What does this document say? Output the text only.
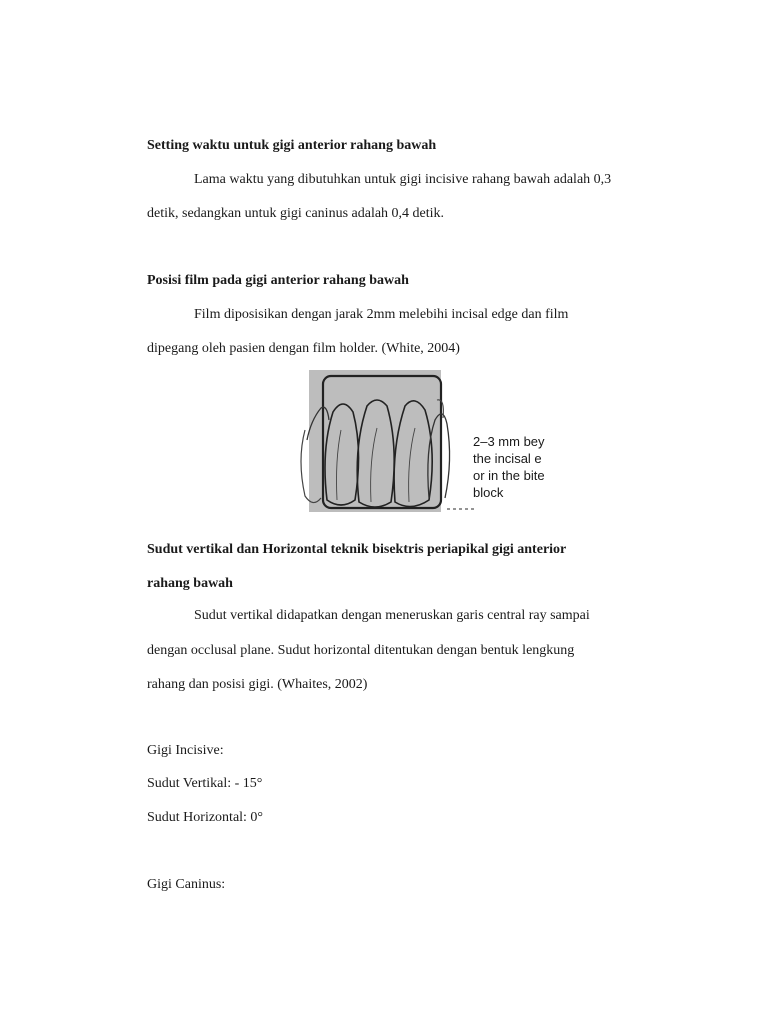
Setting waktu untuk gigi anterior rahang bawah
Lama waktu yang dibutuhkan untuk gigi incisive rahang bawah adalah 0,3
detik, sedangkan untuk gigi caninus adalah 0,4 detik.
Posisi film pada gigi anterior rahang bawah
Film diposisikan dengan jarak 2mm melebihi incisal edge dan film
dipegang oleh pasien dengan film holder. (White, 2004)
2–3 mm bey
the incisal e
or in the bite
block
Sudut vertikal dan Horizontal teknik bisektris periapikal gigi anterior
rahang bawah
Sudut vertikal didapatkan dengan meneruskan garis central ray sampai
dengan occlusal plane. Sudut horizontal ditentukan dengan bentuk lengkung
rahang dan posisi gigi. (Whaites, 2002)
Gigi Incisive:
Sudut Vertikal: - 15°
Sudut Horizontal: 0°
Gigi Caninus:
